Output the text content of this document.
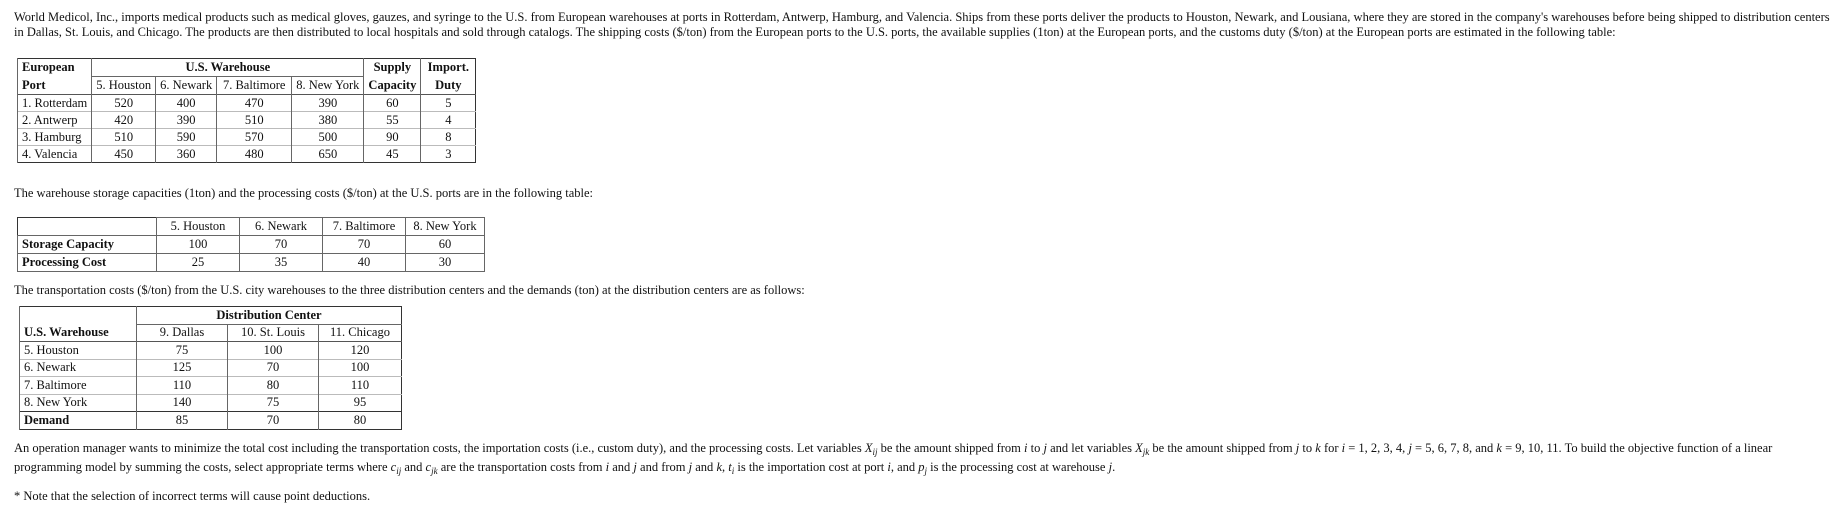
World Medicol, Inc., imports medical products such as medical gloves, gauzes, and syringe to the U.S. from European warehouses at ports in Rotterdam, Antwerp, Hamburg, and Valencia. Ships from these ports deliver the products to Houston, Newark, and Lousiana, where they are stored in the company's warehouses before being shipped to distribution centers in Dallas, St. Louis, and Chicago. The products are then distributed to local hospitals and sold through catalogs. The shipping costs ($/ton) from the European ports to the U.S. ports, the available supplies (1ton) at the European ports, and the customs duty ($/ton) at the European ports are estimated in the following table:
European	U.S. Warehouse				Supply	Import.
Port	5. Houston	6. Newark	7. Baltimore	8. New York	Capacity	Duty
1. Rotterdam	520	400	470	390	60	5
2. Antwerp	420	390	510	380	55	4
3. Hamburg	510	590	570	500	90	8
4. Valencia	450	360	480	650	45	3
The warehouse storage capacities (1ton) and the processing costs ($/ton) at the U.S. ports are in the following table:
	5. Houston	6. Newark	7. Baltimore	8. New York
Storage Capacity	100	70	70	60
Processing Cost	25	35	40	30
The transportation costs ($/ton) from the U.S. city warehouses to the three distribution centers and the demands (ton) at the distribution centers are as follows:
	Distribution Center		
U.S. Warehouse	9. Dallas	10. St. Louis	11. Chicago
5. Houston	75	100	120
6. Newark	125	70	100
7. Baltimore	110	80	110
8. New York	140	75	95
Demand	85	70	80
An operation manager wants to minimize the total cost including the transportation costs, the importation costs (i.e., custom duty), and the processing costs. Let variables $X_{ij}$ be the amount shipped from i to j and let variables $X_{jk}$ be the amount shipped from j to k for i = 1, 2, 3, 4, j = 5, 6, 7, 8, and k = 9, 10, 11. To build the objective function of a linear programming model by summing the costs, select appropriate terms where $c_{ij}$ and $c_{jk}$ are the transportation costs from i and j and from j and k, $t_i$ is the importation cost at port i, and $p_j$ is the processing cost at warehouse j.
* Note that the selection of incorrect terms will cause point deductions.
